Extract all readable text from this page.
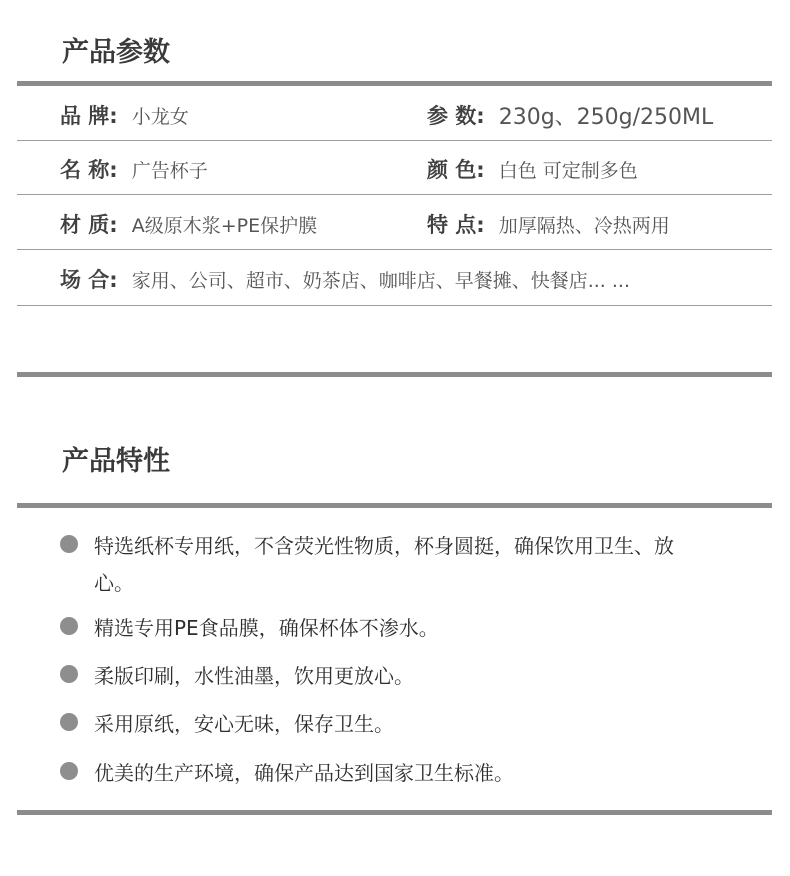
产品参数
品 牌: 小龙女	参 数: 230g、250g/250ML
名 称: 广告杯子	颜 色: 白色 可定制多色
材 质: A级原木浆+PE保护膜	特 点: 加厚隔热、冷热两用
场 合: 家用、公司、超市、奶茶店、咖啡店、早餐摊、快餐店... ...
产品特性
特选纸杯专用纸，不含荧光性物质，杯身圆挺，确保饮用卫生、放心。
精选专用PE食品膜，确保杯体不渗水。
柔版印刷，水性油墨，饮用更放心。
采用原纸，安心无味，保存卫生。
优美的生产环境，确保产品达到国家卫生标准。
